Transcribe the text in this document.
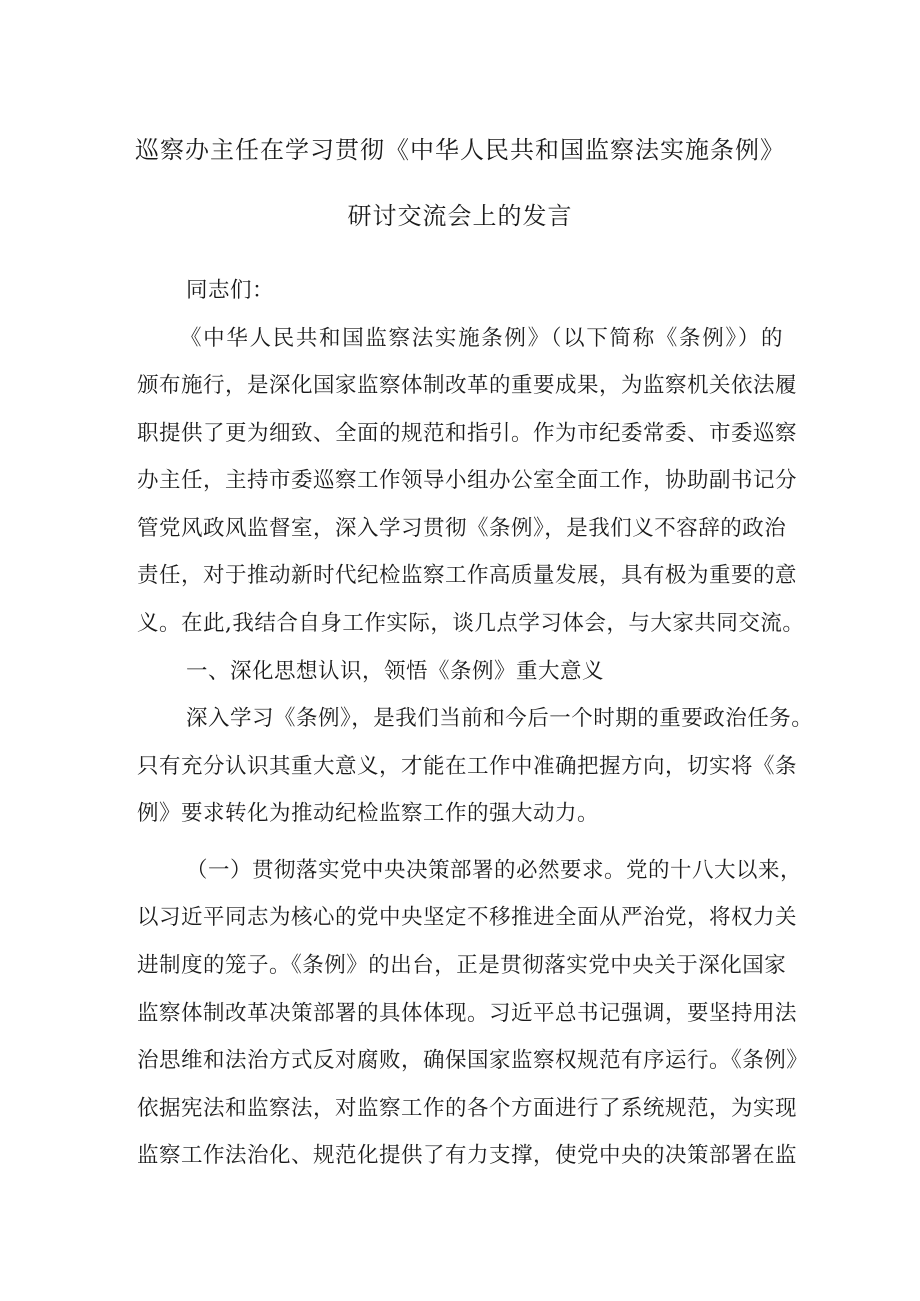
巡察办主任在学习贯彻《中华人民共和国监察法实施条例》
研讨交流会上的发言
同志们：
《中华人民共和国监察法实施条例》（以下简称《条例》）的
颁布施行，是深化国家监察体制改革的重要成果，为监察机关依法履
职提供了更为细致、全面的规范和指引。作为市纪委常委、市委巡察
办主任，主持市委巡察工作领导小组办公室全面工作，协助副书记分
管党风政风监督室，深入学习贯彻《条例》，是我们义不容辞的政治
责任，对于推动新时代纪检监察工作高质量发展，具有极为重要的意
义。在此,我结合自身工作实际，谈几点学习体会，与大家共同交流。
一、深化思想认识，领悟《条例》重大意义
深入学习《条例》，是我们当前和今后一个时期的重要政治任务。
只有充分认识其重大意义，才能在工作中准确把握方向，切实将《条
例》要求转化为推动纪检监察工作的强大动力。
（一）贯彻落实党中央决策部署的必然要求。党的十八大以来，
以习近平同志为核心的党中央坚定不移推进全面从严治党，将权力关
进制度的笼子。《条例》的出台，正是贯彻落实党中央关于深化国家
监察体制改革决策部署的具体体现。习近平总书记强调，要坚持用法
治思维和法治方式反对腐败，确保国家监察权规范有序运行。《条例》
依据宪法和监察法，对监察工作的各个方面进行了系统规范，为实现
监察工作法治化、规范化提供了有力支撑，使党中央的决策部署在监
